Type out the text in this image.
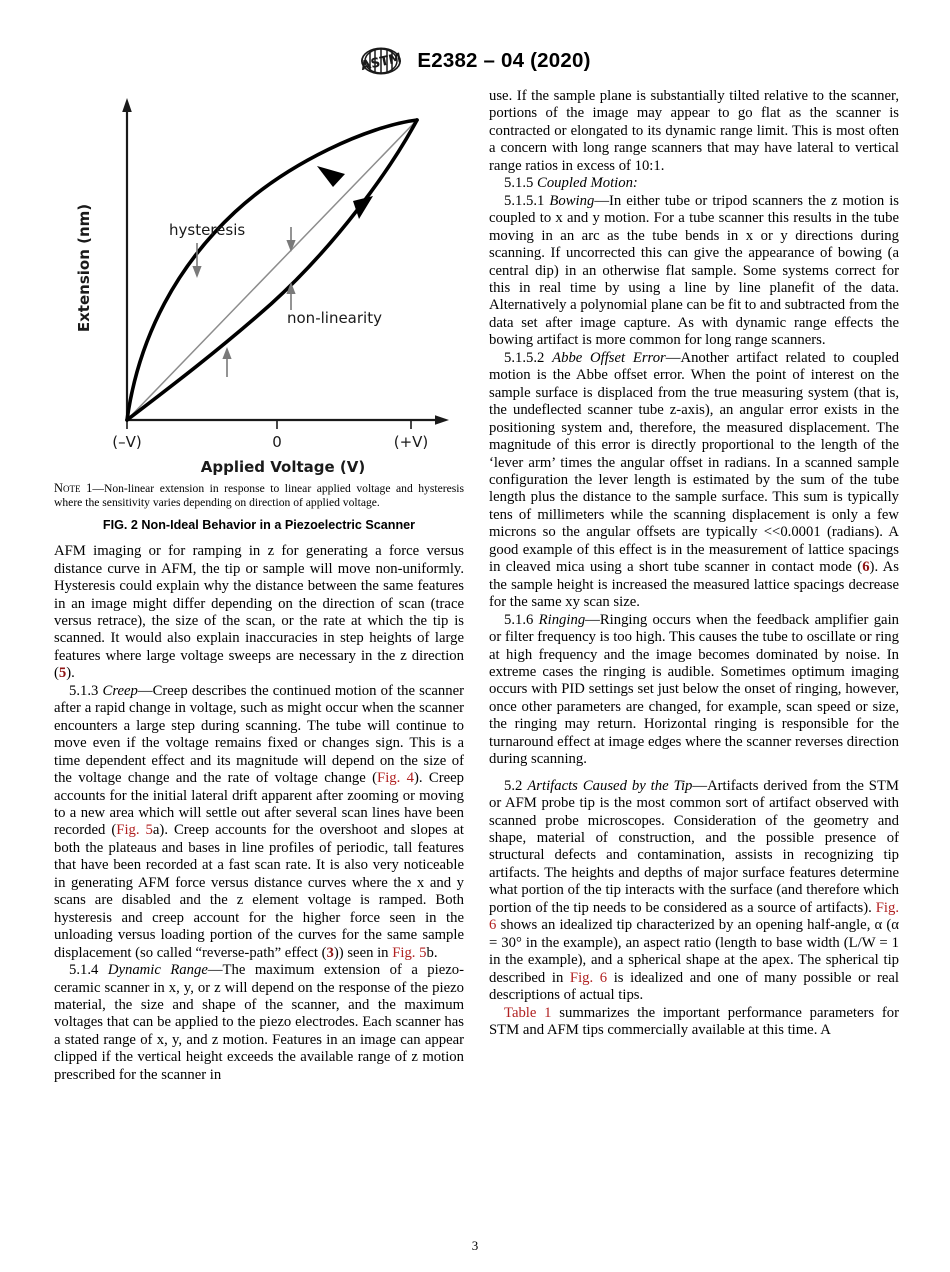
ASTM E2382 – 04 (2020)
hysteresis
non-linearity
(–V)	0	(+V)
Applied Voltage (V)
Extension (nm)

Note 1—Non-linear extension in response to linear applied voltage and hysteresis where the sensitivity varies depending on direction of applied voltage.

FIG. 2 Non-Ideal Behavior in a Piezoelectric Scanner

AFM imaging or for ramping in z for generating a force versus distance curve in AFM, the tip or sample will move non-uniformly. Hysteresis could explain why the distance between the same features in an image might differ depending on the direction of scan (trace versus retrace), the size of the scan, or the rate at which the tip is scanned. It would also explain inaccuracies in step heights of large features where large voltage sweeps are necessary in the z direction (5).

5.1.3 Creep—Creep describes the continued motion of the scanner after a rapid change in voltage, such as might occur when the scanner encounters a large step during scanning. The tube will continue to move even if the voltage remains fixed or changes sign. This is a time dependent effect and its magnitude will depend on the size of the voltage change and the rate of voltage change (Fig. 4). Creep accounts for the initial lateral drift apparent after zooming or moving to a new area which will settle out after several scan lines have been recorded (Fig. 5a). Creep accounts for the overshoot and slopes at both the plateaus and bases in line profiles of periodic, tall features that have been recorded at a fast scan rate. It is also very noticeable in generating AFM force versus distance curves where the x and y scans are disabled and the z element voltage is ramped. Both hysteresis and creep account for the higher force seen in the unloading versus loading portion of the curves for the same sample displacement (so called “reverse-path” effect (3)) seen in Fig. 5b.

5.1.4 Dynamic Range—The maximum extension of a piezo-ceramic scanner in x, y, or z will depend on the response of the piezo material, the size and shape of the scanner, and the maximum voltages that can be applied to the piezo electrodes. Each scanner has a stated range of x, y, and z motion. Features in an image can appear clipped if the vertical height exceeds the available range of z motion prescribed for the scanner in

use. If the sample plane is substantially tilted relative to the scanner, portions of the image may appear to go flat as the scanner is contracted or elongated to its dynamic range limit. This is most often a concern with long range scanners that may have lateral to vertical range ratios in excess of 10:1.

5.1.5 Coupled Motion:

5.1.5.1 Bowing—In either tube or tripod scanners the z motion is coupled to x and y motion. For a tube scanner this results in the tube moving in an arc as the tube bends in x or y directions during scanning. If uncorrected this can give the appearance of bowing (a central dip) in an otherwise flat sample. Some systems correct for this in real time by using a line by line planefit of the data. Alternatively a polynomial plane can be fit to and subtracted from the data set after image capture. As with dynamic range effects the bowing artifact is more common for long range scanners.

5.1.5.2 Abbe Offset Error—Another artifact related to coupled motion is the Abbe offset error. When the point of interest on the sample surface is displaced from the true measuring system (that is, the undeflected scanner tube z-axis), an angular error exists in the positioning system and, therefore, the measured displacement. The magnitude of this error is directly proportional to the length of the ‘lever arm’ times the angular offset in radians. In a scanned sample configuration the lever length is estimated by the sum of the tube length plus the distance to the sample surface. This sum is typically tens of millimeters while the scanning displacement is only a few microns so the angular offsets are typically <<0.0001 (radians). A good example of this effect is in the measurement of lattice spacings in cleaved mica using a short tube scanner in contact mode (6). As the sample height is increased the measured lattice spacings decrease for the same xy scan size.

5.1.6 Ringing—Ringing occurs when the feedback amplifier gain or filter frequency is too high. This causes the tube to oscillate or ring at high frequency and the image becomes dominated by noise. In extreme cases the ringing is audible. Sometimes optimum imaging occurs with PID settings set just below the onset of ringing, however, once other parameters are changed, for example, scan speed or size, the ringing may return. Horizontal ringing is responsible for the turnaround effect at image edges where the scanner reverses direction during scanning.

5.2 Artifacts Caused by the Tip—Artifacts derived from the STM or AFM probe tip is the most common sort of artifact observed with scanned probe microscopes. Consideration of the geometry and shape, material of construction, and the possible presence of structural defects and contamination, assists in recognizing tip artifacts. The heights and depths of major surface features determine what portion of the tip interacts with the surface (and therefore which portion of the tip needs to be considered as a source of artifacts). Fig. 6 shows an idealized tip characterized by an opening half-angle, α (α = 30° in the example), an aspect ratio (length to base width (L/W = 1 in the example), and a spherical shape at the apex. The spherical tip described in Fig. 6 is idealized and one of many possible or real descriptions of actual tips.

Table 1 summarizes the important performance parameters for STM and AFM tips commercially available at this time. A

3
